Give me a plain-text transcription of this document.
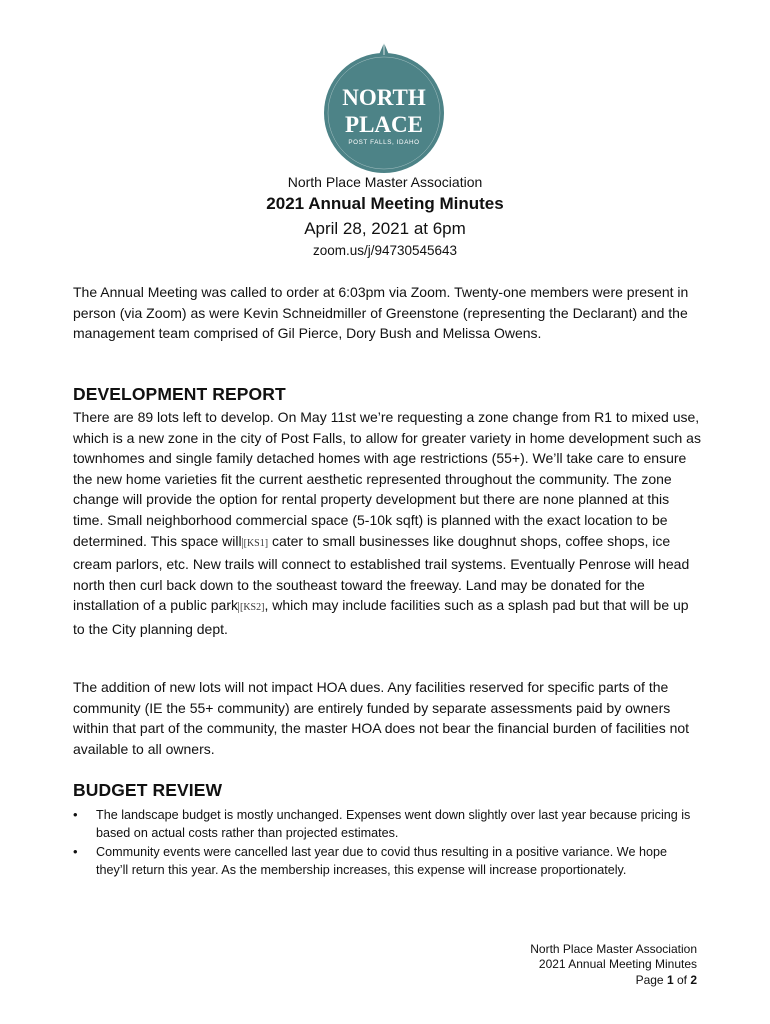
NORTH
PLACE
POST FALLS, IDAHO
North Place Master Association
2021 Annual Meeting Minutes
April 28, 2021 at 6pm
zoom.us/j/94730545643
The Annual Meeting was called to order at 6:03pm via Zoom. Twenty-one members were present in person (via Zoom) as were Kevin Schneidmiller of Greenstone (representing the Declarant) and the management team comprised of Gil Pierce, Dory Bush and Melissa Owens.
DEVELOPMENT REPORT
There are 89 lots left to develop. On May 11st we’re requesting a zone change from R1 to mixed use, which is a new zone in the city of Post Falls, to allow for greater variety in home development such as townhomes and single family detached homes with age restrictions (55+). We’ll take care to ensure the new home varieties fit the current aesthetic represented throughout the community. The zone change will provide the option for rental property development but there are none planned at this time. Small neighborhood commercial space (5-10k sqft) is planned with the exact location to be determined. This space will [KS1] cater to small businesses like doughnut shops, coffee shops, ice cream parlors, etc. New trails will connect to established trail systems. Eventually Penrose will head north then curl back down to the southeast toward the freeway. Land may be donated for the installation of a public park [KS2], which may include facilities such as a splash pad but that will be up to the City planning dept.
The addition of new lots will not impact HOA dues. Any facilities reserved for specific parts of the community (IE the 55+ community) are entirely funded by separate assessments paid by owners within that part of the community, the master HOA does not bear the financial burden of facilities not available to all owners.
BUDGET REVIEW
• The landscape budget is mostly unchanged. Expenses went down slightly over last year because pricing is based on actual costs rather than projected estimates.
• Community events were cancelled last year due to covid thus resulting in a positive variance. We hope they’ll return this year. As the membership increases, this expense will increase proportionately.
North Place Master Association
2021 Annual Meeting Minutes
Page 1 of 2
